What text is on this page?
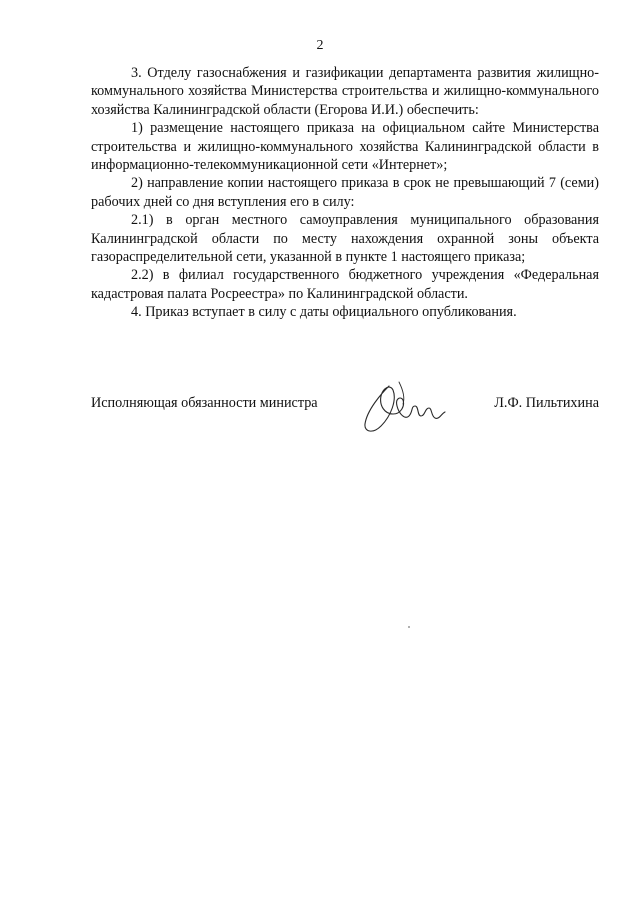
2

3. Отделу газоснабжения и газификации департамента развития жилищно-коммунального хозяйства Министерства строительства и жилищно-коммунального хозяйства Калининградской области (Егорова И.И.) обеспечить:

1) размещение настоящего приказа на официальном сайте Министерства строительства и жилищно-коммунального хозяйства Калининградской области в информационно-телекоммуникационной сети «Интернет»;

2) направление копии настоящего приказа в срок не превышающий 7 (семи) рабочих дней со дня вступления его в силу:

2.1) в орган местного самоуправления муниципального образования Калининградской области по месту нахождения охранной зоны объекта газораспределительной сети, указанной в пункте 1 настоящего приказа;

2.2) в филиал государственного бюджетного учреждения «Федеральная кадастровая палата Росреестра» по Калининградской области.

4. Приказ вступает в силу с даты официального опубликования.

Исполняющая обязанности министра	Л.Ф. Пильтихина
